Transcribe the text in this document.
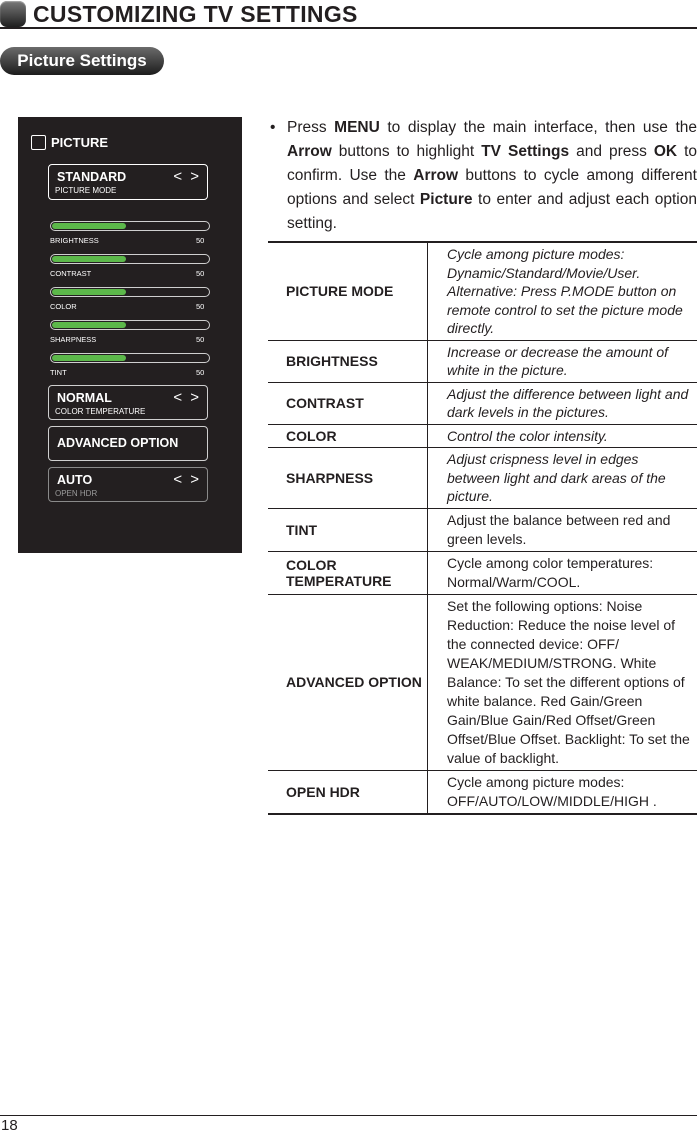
CUSTOMIZING TV SETTINGS
Picture Settings
PICTURE
STANDARD
PICTURE MODE
< >
BRIGHTNESS	50
CONTRAST	50
COLOR	50
SHARPNESS	50
TINT	50
NORMAL
COLOR TEMPERATURE
< >
ADVANCED OPTION
AUTO
OPEN HDR
< >
• Press MENU to display the main interface, then use the Arrow buttons to highlight TV Settings and press OK to confirm. Use the Arrow buttons to cycle among different options and select Picture to enter and adjust each option setting.

PICTURE MODE	Cycle among picture modes: Dynamic/Standard/Movie/User. Alternative: Press P.MODE button on remote control to set the picture mode directly.
BRIGHTNESS	Increase or decrease the amount of white in the picture.
CONTRAST	Adjust the difference between light and dark levels in the pictures.
COLOR	Control the color intensity.
SHARPNESS	Adjust crispness level in edges between light and dark areas of the picture.
TINT	Adjust the balance between red and green levels.
COLOR TEMPERATURE	Cycle among color temperatures: Normal/Warm/COOL.
ADVANCED OPTION	Set the following options: Noise Reduction: Reduce the noise level of the connected device: OFF/ WEAK/MEDIUM/STRONG. White Balance: To set the different options of white balance. Red Gain/Green Gain/Blue Gain/Red Offset/Green Offset/Blue Offset. Backlight: To set the value of backlight.
OPEN HDR	Cycle among picture modes: OFF/AUTO/LOW/MIDDLE/HIGH .
18
